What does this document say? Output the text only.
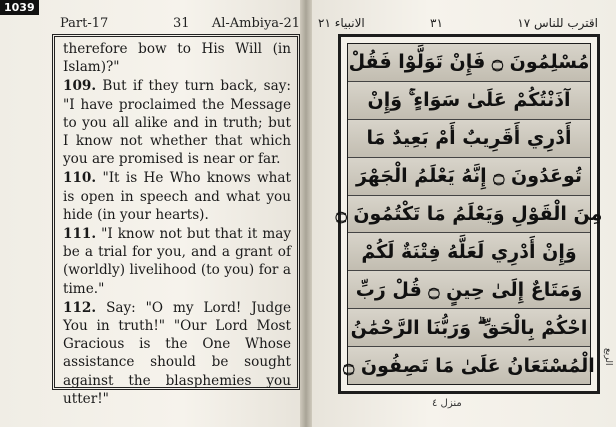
1039
Part-17	31 Al-Ambiya-21

therefore bow to His Will (in Islam)?"

109. But if they turn back, say: "I have proclaimed the Message to you all alike and in truth; but I know not whether that which you are promised is near or far.

110. "It is He Who knows what is open in speech and what you hide (in your hearts).

111. "I know not but that it may be a trial for you, and a grant of (worldly) livelihood (to you) for a time."

112. Say: "O my Lord! Judge You in truth!" "Our Lord Most Gracious is the One Whose assistance should be sought against the blasphemies you utter!"

الانبياء ٢١	٣١	اقترب للناس ١٧
مُسْلِمُونَ ۝ فَإِنْ تَوَلَّوْا فَقُلْ
آذَنْتُكُمْ عَلَىٰ سَوَاءٍ ۚ وَإِنْ
أَدْرِي أَقَرِيبٌ أَمْ بَعِيدٌ مَا
تُوعَدُونَ ۝ إِنَّهُ يَعْلَمُ الْجَهْرَ
مِنَ الْقَوْلِ وَيَعْلَمُ مَا تَكْتُمُونَ ۝
وَإِنْ أَدْرِي لَعَلَّهُ فِتْنَةٌ لَكُمْ
وَمَتَاعٌ إِلَىٰ حِينٍ ۝ قُلْ رَبِّ
احْكُمْ بِالْحَقِّ ۗ وَرَبُّنَا الرَّحْمَٰنُ
الْمُسْتَعَانُ عَلَىٰ مَا تَصِفُونَ ۝ الربع
منزل ٤
